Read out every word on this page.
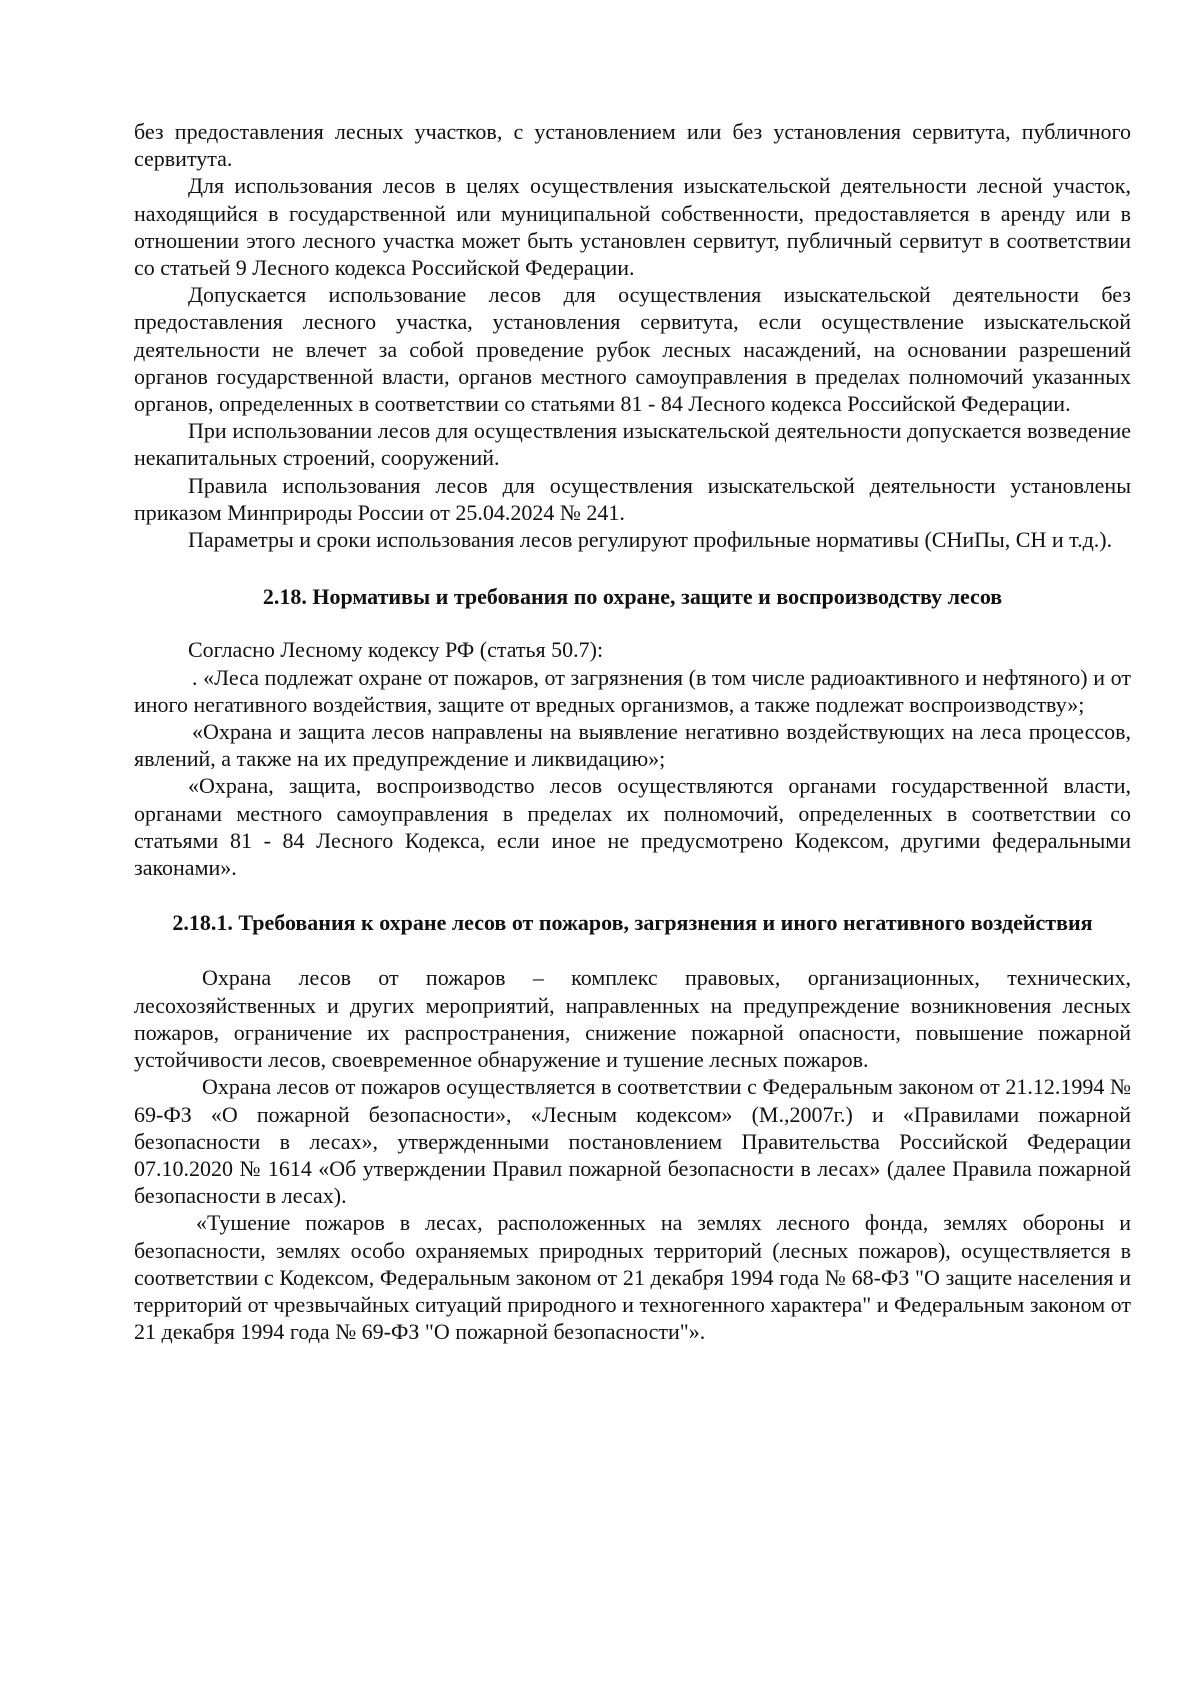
без предоставления лесных участков, с установлением или без установления сервитута, публичного сервитута.

Для использования лесов в целях осуществления изыскательской деятельности лесной участок, находящийся в государственной или муниципальной собственности, предоставляется в аренду или в отношении этого лесного участка может быть установлен сервитут, публичный сервитут в соответствии со статьей 9 Лесного кодекса Российской Федерации.

Допускается использование лесов для осуществления изыскательской деятельности без предоставления лесного участка, установления сервитута, если осуществление изыскательской деятельности не влечет за собой проведение рубок лесных насаждений, на основании разрешений органов государственной власти, органов местного самоуправления в пределах полномочий указанных органов, определенных в соответствии со статьями 81 - 84 Лесного кодекса Российской Федерации.

При использовании лесов для осуществления изыскательской деятельности допускается возведение некапитальных строений, сооружений.

Правила использования лесов для осуществления изыскательской деятельности установлены приказом Минприроды России от 25.04.2024 № 241.

Параметры и сроки использования лесов регулируют профильные нормативы (СНиПы, СН и т.д.).

2.18. Нормативы и требования по охране, защите и воспроизводству лесов

Согласно Лесному кодексу РФ (статья 50.7):

. «Леса подлежат охране от пожаров, от загрязнения (в том числе радиоактивного и нефтяного) и от иного негативного воздействия, защите от вредных организмов, а также подлежат воспроизводству»;

«Охрана и защита лесов направлены на выявление негативно воздействующих на леса процессов, явлений, а также на их предупреждение и ликвидацию»;

«Охрана, защита, воспроизводство лесов осуществляются органами государственной власти, органами местного самоуправления в пределах их полномочий, определенных в соответствии со статьями 81 - 84 Лесного Кодекса, если иное не предусмотрено Кодексом, другими федеральными законами».

2.18.1. Требования к охране лесов от пожаров, загрязнения и иного негативного воздействия

Охрана лесов от пожаров – комплекс правовых, организационных, технических, лесохозяйственных и других мероприятий, направленных на предупреждение возникновения лесных пожаров, ограничение их распространения, снижение пожарной опасности, повышение пожарной устойчивости лесов, своевременное обнаружение и тушение лесных пожаров.

Охрана лесов от пожаров осуществляется в соответствии с Федеральным законом от 21.12.1994 № 69-ФЗ «О пожарной безопасности», «Лесным кодексом» (М.,2007г.) и «Правилами пожарной безопасности в лесах», утвержденными постановлением Правительства Российской Федерации 07.10.2020 № 1614 «Об утверждении Правил пожарной безопасности в лесах» (далее Правила пожарной безопасности в лесах).

«Тушение пожаров в лесах, расположенных на землях лесного фонда, землях обороны и безопасности, землях особо охраняемых природных территорий (лесных пожаров), осуществляется в соответствии с Кодексом, Федеральным законом от 21 декабря 1994 года № 68-ФЗ "О защите населения и территорий от чрезвычайных ситуаций природного и техногенного характера" и Федеральным законом от 21 декабря 1994 года № 69-ФЗ "О пожарной безопасности"».
